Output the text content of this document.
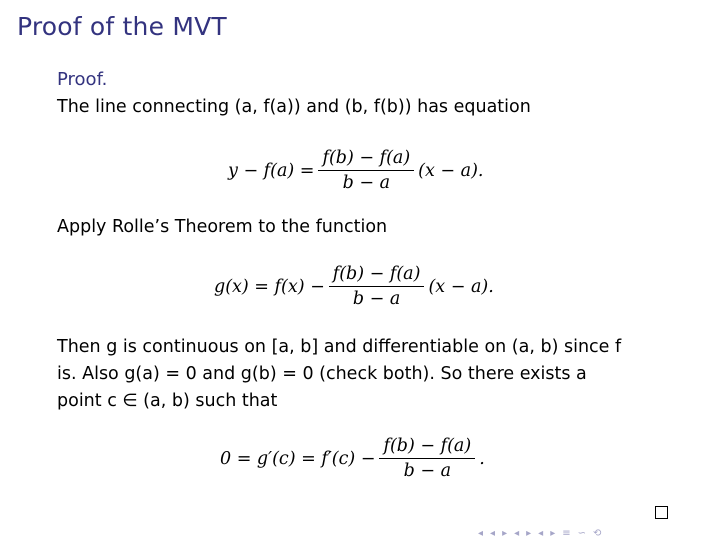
Proof of the MVT
Proof.
The line connecting (a, f(a)) and (b, f(b)) has equation
$y - f(a) = \frac{f(b) - f(a)}{b - a} (x - a)$.
Apply Rolle’s Theorem to the function
$g(x) = f(x) - \frac{f(b) - f(a)}{b - a} (x - a)$.
Then g is continuous on [a, b] and differentiable on (a, b) since f
is. Also g(a) = 0 and g(b) = 0 (check both). So there exists a
point c ∈ (a, b) such that
$0 = g'(c) = f'(c) - \frac{f(b) - f(a)}{b - a}$ .
◂ ◂ ▸ ◂ ▸ ◂ ▸ ≡ ∽ ⟲
